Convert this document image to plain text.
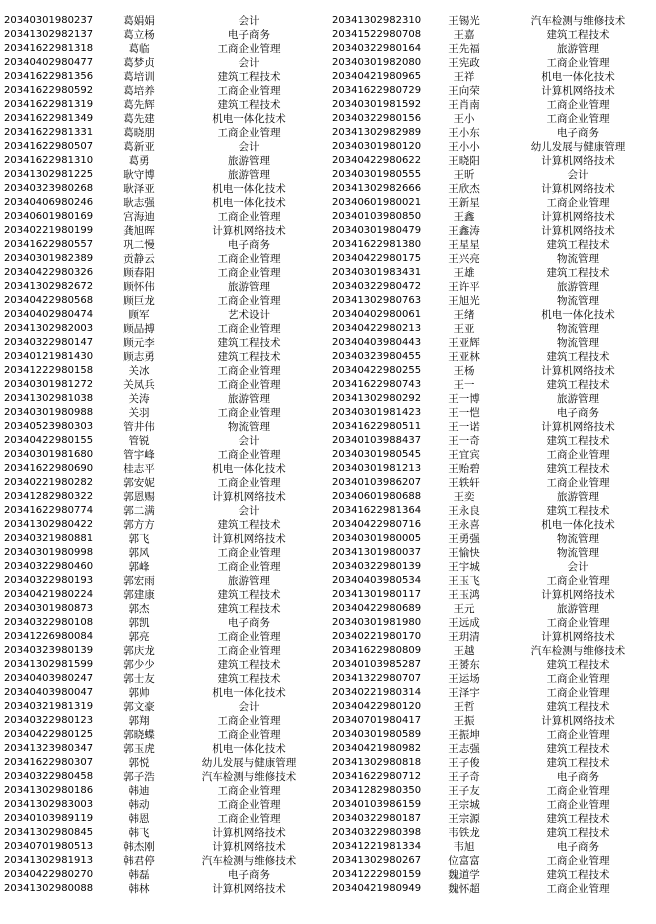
20340301980237	葛娟娟	会计
20341302982137	葛立杨	电子商务
20341622981318	葛临	工商企业管理
20340402980477	葛梦贞	会计
20341622981356	葛培训	建筑工程技术
20341622980592	葛培养	工商企业管理
20341622981319	葛先辉	建筑工程技术
20341622981349	葛先建	机电一体化技术
20341622981331	葛晓朋	工商企业管理
20341622980507	葛新亚	会计
20341622981310	葛勇	旅游管理
20341302981225	耿守博	旅游管理
20340323980268	耿泽亚	机电一体化技术
20340406980246	耿志强	机电一体化技术
20340601980169	宫海迪	工商企业管理
20340221980199	龚旭晖	计算机网络技术
20341622980557	巩二慢	电子商务
20340301982389	贡静云	工商企业管理
20340422980326	顾春阳	工商企业管理
20341302982672	顾怀伟	旅游管理
20340422980568	顾巨龙	工商企业管理
20340402980474	顾军	艺术设计
20341302982003	顾品搏	工商企业管理
20340322980147	顾元李	建筑工程技术
20340121981430	顾志勇	建筑工程技术
20341222980158	关冰	工商企业管理
20340301981272	关凤兵	工商企业管理
20341302981038	关涛	旅游管理
20340301980988	关羽	工商企业管理
20340523980303	管井伟	物流管理
20340422980155	管锐	会计
20340301981680	管宇峰	工商企业管理
20341622980690	桂志平	机电一体化技术
20340221980282	郭安妮	工商企业管理
20341282980322	郭恩赐	计算机网络技术
20341622980774	郭二满	会计
20341302980422	郭方方	建筑工程技术
20340321980881	郭飞	计算机网络技术
20340301980998	郭风	工商企业管理
20340322980460	郭峰	工商企业管理
20340322980193	郭宏雨	旅游管理
20340421980224	郭建康	建筑工程技术
20340301980873	郭杰	建筑工程技术
20340322980108	郭凯	电子商务
20341226980084	郭亮	工商企业管理
20340323980139	郭庆龙	工商企业管理
20341302981599	郭少少	建筑工程技术
20340403980247	郭士友	建筑工程技术
20340403980047	郭帅	机电一体化技术
20340321981319	郭文豪	会计
20340322980123	郭翔	工商企业管理
20340422980125	郭晓蝶	工商企业管理
20341323980347	郭玉虎	机电一体化技术
20341622980307	郭悦	幼儿发展与健康管理
20340322980458	郭子浩	汽车检测与维修技术
20341302980186	韩迪	工商企业管理
20341302983003	韩动	工商企业管理
20340103989119	韩恩	工商企业管理
20341302980845	韩飞	计算机网络技术
20340701980513	韩杰刚	计算机网络技术
20341302981913	韩君停	汽车检测与维修技术
20340422980270	韩磊	电子商务
20341302980088	韩林	计算机网络技术
20341302982310	王锡光	汽车检测与维修技术
20341522980708	王嘉	建筑工程技术
20340322980164	王先福	旅游管理
20340301982080	王宪政	工商企业管理
20340421980965	王祥	机电一体化技术
20341622980729	王向荣	计算机网络技术
20340301981592	王肖南	工商企业管理
20340322980156	王小	工商企业管理
20341302982989	王小东	电子商务
20340301980120	王小小	幼儿发展与健康管理
20340422980622	王晓阳	计算机网络技术
20340301980555	王昕	会计
20341302982666	王欣杰	计算机网络技术
20340601980021	王新星	工商企业管理
20340103980850	王鑫	计算机网络技术
20340301980479	王鑫涛	计算机网络技术
20341622981380	王星星	建筑工程技术
20340422980175	王兴亮	物流管理
20340301983431	王雄	建筑工程技术
20340322980472	王许平	旅游管理
20341302980763	王旭光	物流管理
20340402980061	王绪	机电一体化技术
20340422980213	王亚	物流管理
20340403980443	王亚辉	物流管理
20340323980455	王亚林	建筑工程技术
20340422980255	王杨	计算机网络技术
20341622980743	王一	建筑工程技术
20341302980292	王一博	旅游管理
20340301981423	王一恺	电子商务
20341622980511	王一诺	计算机网络技术
20340103988437	王一奇	建筑工程技术
20340301980545	王宜宾	工商企业管理
20340301981213	王贻碧	建筑工程技术
20340103986207	王轶轩	工商企业管理
20340601980688	王奕	旅游管理
20341622981364	王永良	建筑工程技术
20340422980716	王永喜	机电一体化技术
20340301980005	王勇强	物流管理
20341301980037	王愉快	物流管理
20340322980139	王宇城	会计
20340403980534	王玉飞	工商企业管理
20341301980117	王玉鸿	计算机网络技术
20340422980689	王元	旅游管理
20340301981980	王远成	工商企业管理
20340221980170	王玥清	计算机网络技术
20341622980809	王越	汽车检测与维修技术
20340103985287	王赟东	建筑工程技术
20341322980707	王运场	工商企业管理
20340221980314	王泽宇	工商企业管理
20340422980120	王哲	建筑工程技术
20340701980417	王振	计算机网络技术
20340301980589	王振坤	工商企业管理
20340421980982	王志强	建筑工程技术
20341302980818	王子俊	建筑工程技术
20341622980712	王子奇	电子商务
20341282980350	王子友	工商企业管理
20340103986159	王宗城	工商企业管理
20340322980187	王宗源	建筑工程技术
20340322980398	韦铁龙	建筑工程技术
20341221981334	韦旭	电子商务
20341302980267	位富富	工商企业管理
20341222980159	魏道学	建筑工程技术
20340421980949	魏怀超	工商企业管理
